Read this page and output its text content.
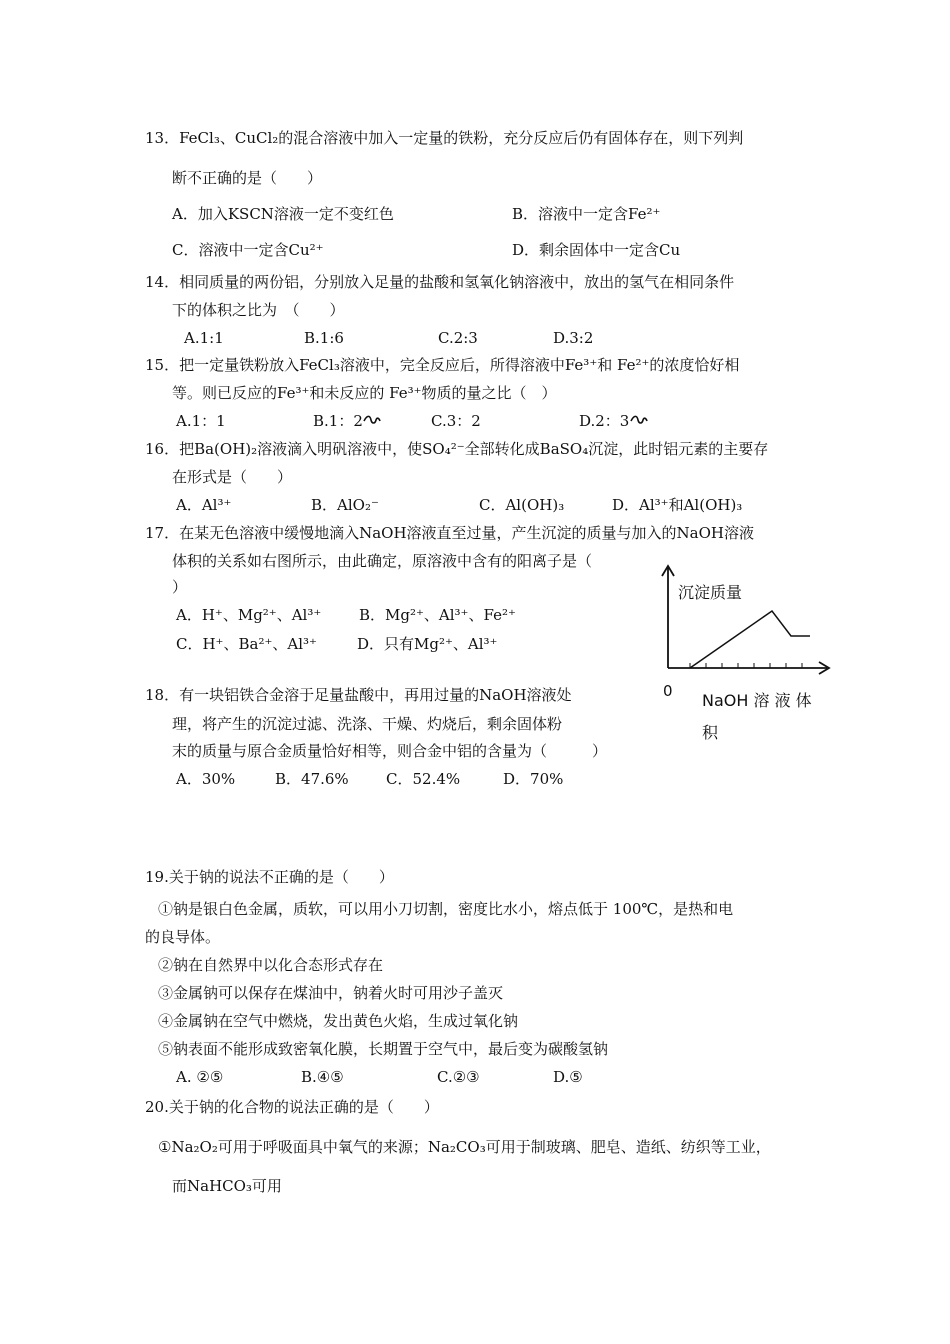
13．FeCl₃、CuCl₂的混合溶液中加入一定量的铁粉，充分反应后仍有固体存在，则下列判
断不正确的是（　　）
A．加入KSCN溶液一定不变红色	B．溶液中一定含Fe²⁺
C．溶液中一定含Cu²⁺	D．剩余固体中一定含Cu
14．相同质量的两份铝，分别放入足量的盐酸和氢氧化钠溶液中，放出的氢气在相同条件
下的体积之比为　（　　）
A.1:1	B.1:6	C.2:3	D.3:2
15．把一定量铁粉放入FeCl₃溶液中，完全反应后，所得溶液中Fe³⁺和 Fe²⁺的浓度恰好相
等。则已反应的Fe³⁺和未反应的 Fe³⁺物质的量之比（　）
A.1：1	B.1：2	C.3：2	D.2：3
16．把Ba(OH)₂溶液滴入明矾溶液中，使SO₄²⁻全部转化成BaSO₄沉淀，此时铝元素的主要存
在形式是（　　）
A．Al³⁺	B．AlO₂⁻	C．Al(OH)₃	D．Al³⁺和Al(OH)₃
17．在某无色溶液中缓慢地滴入NaOH溶液直至过量，产生沉淀的质量与加入的NaOH溶液
体积的关系如右图所示，由此确定，原溶液中含有的阳离子是（
）
A．H⁺、Mg²⁺、Al³⁺	B．Mg²⁺、Al³⁺、Fe²⁺
C．H⁺、Ba²⁺、Al³⁺	D．只有Mg²⁺、Al³⁺
沉淀质量
0 NaOH 溶 液 体
积
18．有一块铝铁合金溶于足量盐酸中，再用过量的NaOH溶液处
理，将产生的沉淀过滤、洗涤、干燥、灼烧后，剩余固体粉
末的质量与原合金质量恰好相等，则合金中铝的含量为（　　　）
A．30%	B．47.6% C．52.4%	D．70%
19.关于钠的说法不正确的是（　　）
①钠是银白色金属，质软，可以用小刀切割，密度比水小，熔点低于 100℃，是热和电
的良导体。
②钠在自然界中以化合态形式存在
③金属钠可以保存在煤油中，钠着火时可用沙子盖灭
④金属钠在空气中燃烧，发出黄色火焰，生成过氧化钠
⑤钠表面不能形成致密氧化膜，长期置于空气中，最后变为碳酸氢钠
A. ②⑤	B.④⑤	C.②③	D.⑤
20.关于钠的化合物的说法正确的是（　　）
①Na₂O₂可用于呼吸面具中氧气的来源；Na₂CO₃可用于制玻璃、肥皂、造纸、纺织等工业，
而NaHCO₃可用
